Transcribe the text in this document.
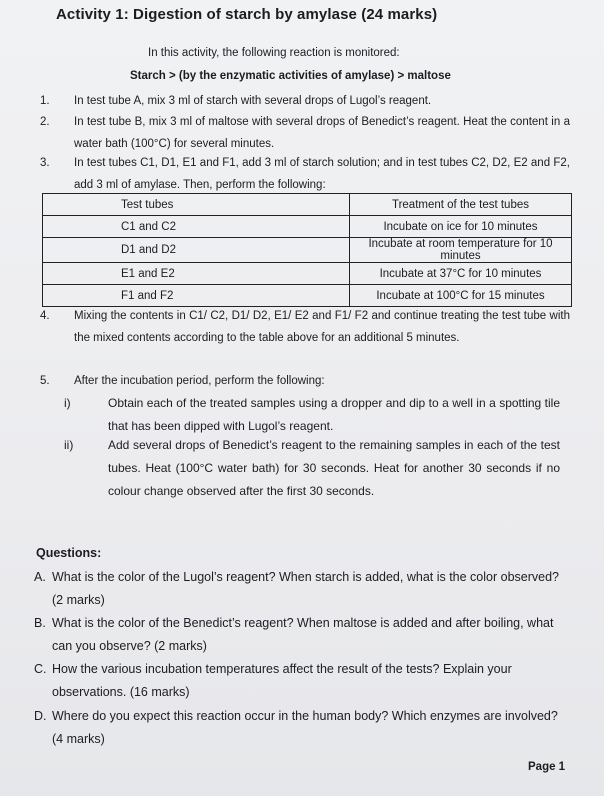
Activity 1: Digestion of starch by amylase (24 marks)
In this activity, the following reaction is monitored:
Starch > (by the enzymatic activities of amylase) > maltose
1. In test tube A, mix 3 ml of starch with several drops of Lugol’s reagent.
2. In test tube B, mix 3 ml of maltose with several drops of Benedict’s reagent. Heat the content in a water bath (100°C) for several minutes.
3. In test tubes C1, D1, E1 and F1, add 3 ml of starch solution; and in test tubes C2, D2, E2 and F2, add 3 ml of amylase. Then, perform the following:
Test tubes	Treatment of the test tubes
C1 and C2	Incubate on ice for 10 minutes
D1 and D2	Incubate at room temperature for 10 minutes
E1 and E2	Incubate at 37°C for 10 minutes
F1 and F2	Incubate at 100°C for 15 minutes
4. Mixing the contents in C1/ C2, D1/ D2, E1/ E2 and F1/ F2 and continue treating the test tube with the mixed contents according to the table above for an additional 5 minutes.
5. After the incubation period, perform the following:
i)	Obtain each of the treated samples using a dropper and dip to a well in a spotting tile that has been dipped with Lugol’s reagent.
ii)	Add several drops of Benedict’s reagent to the remaining samples in each of the test tubes. Heat (100°C water bath) for 30 seconds. Heat for another 30 seconds if no colour change observed after the first 30 seconds.
Questions:
A. What is the color of the Lugol’s reagent? When starch is added, what is the color observed? (2 marks)
B. What is the color of the Benedict’s reagent? When maltose is added and after boiling, what can you observe? (2 marks)
C. How the various incubation temperatures affect the result of the tests? Explain your observations. (16 marks)
D. Where do you expect this reaction occur in the human body? Which enzymes are involved? (4 marks)
Page 1
